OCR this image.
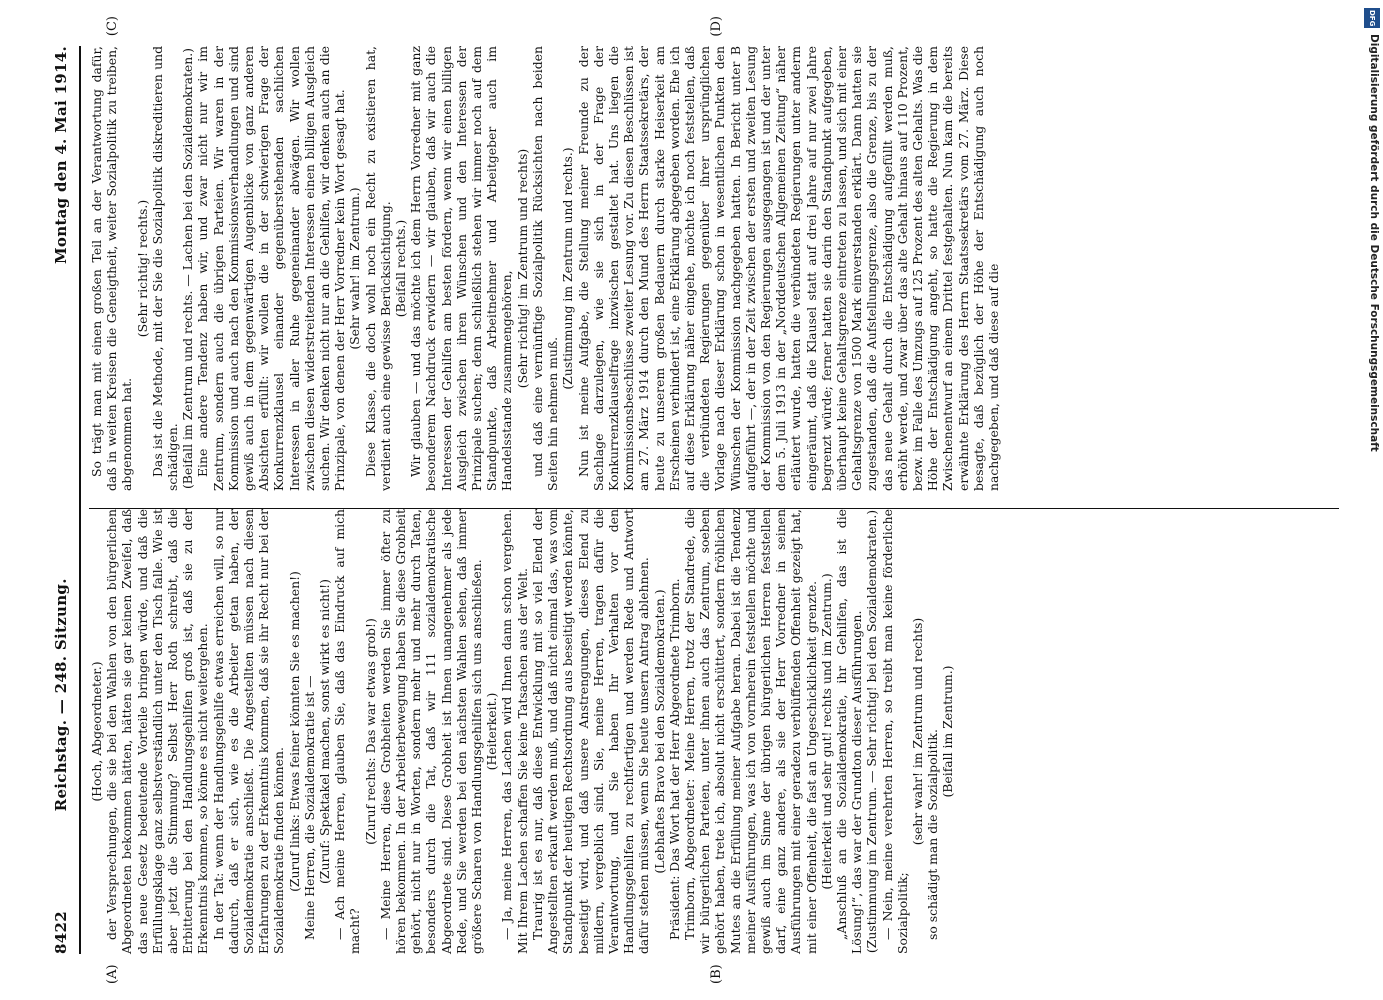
DFG
Digitalisierung gefördert durch die Deutsche Forschungsgemeinschaft
8422
Reichstag. — 248. Sitzung.
Montag den 4. Mai 1914.
(A)	(B)

(Hoch, Abgeordneter.) der Versprechungen, die sie bei den Wahlen von den bürgerlichen Abgeordneten bekommen hätten, hätten sie gar keinen Zweifel, daß das neue Gesetz bedeutende Vorteile bringen würde, und daß die Erfüllungsklage ganz selbstverständlich unter den Tisch falle. Wie ist aber jetzt die Stimmung? Selbst Herr Roth schreibt, daß die Erbitterung bei den Handlungsgehilfen groß ist, daß sie zu der Erkenntnis kommen, so könne es nicht weitergehen. In der Tat: wenn der Handlungsgehilfe etwas erreichen will, so nur dadurch, daß er sich, wie es die Arbeiter getan haben, der Sozialdemokratie anschließt. Die Angestellten müssen nach diesen Erfahrungen zu der Erkenntnis kommen, daß sie ihr Recht nur bei der Sozialdemokratie finden können. (Zuruf links: Etwas feiner könnten Sie es machen!) Meine Herren, die Sozialdemokratie ist — (Zuruf: Spektakel machen, sonst wirkt es nicht!) — Ach meine Herren, glauben Sie, daß das Eindruck auf mich macht?

(Zuruf rechts: Das war etwas grob!) — Meine Herren, diese Grobheiten werden Sie immer öfter zu hören bekommen. In der Arbeiterbewegung haben Sie diese Grobheit gehört, nicht nur in Worten, sondern mehr und mehr durch Taten, besonders durch die Tat, daß wir 111 sozialdemokratische Abgeordnete sind. Diese Grobheit ist Ihnen unangenehmer als jede Rede, und Sie werden bei den nächsten Wahlen sehen, daß immer größere Scharen von Handlungsgehilfen sich uns anschließen. (Heiterkeit.) — Ja, meine Herren, das Lachen wird Ihnen dann schon vergehen. Mit Ihrem Lachen schaffen Sie keine Tatsachen aus der Welt. Traurig ist es nur, daß diese Entwicklung mit so viel Elend der Angestellten erkauft werden muß, und daß nicht einmal das, was vom Standpunkt der heutigen Rechtsordnung aus beseitigt werden könnte, beseitigt wird, und daß unsere Anstrengungen, dieses Elend zu mildern, vergeblich sind. Sie, meine Herren, tragen dafür die Verantwortung, und Sie haben Ihr Verhalten vor den Handlungsgehilfen zu rechtfertigen und werden Rede und Antwort dafür stehen müssen, wenn Sie heute unsern Antrag ablehnen. (Lebhaftes Bravo bei den Sozialdemokraten.) Präsident: Das Wort hat der Herr Abgeordnete Trimborn. Trimborn, Abgeordneter: Meine Herren, trotz der Standrede, die wir bürgerlichen Parteien, unter ihnen auch das Zentrum, soeben gehört haben, trete ich, absolut nicht erschüttert, sondern fröhlichen Mutes an die Erfüllung meiner Aufgabe heran. Dabei ist die Tendenz meiner Ausführungen, was ich von vornherein feststellen möchte und gewiß auch im Sinne der übrigen bürgerlichen Herren feststellen darf, eine ganz andere, als sie der Herr Vorredner in seinen Ausführungen mit einer geradezu verblüffenden Offenheit gezeigt hat, mit einer Offenheit, die fast an Ungeschicklichkeit grenzte. (Heiterkeit und sehr gut! rechts und im Zentrum.) „Anschluß an die Sozialdemokratie, ihr Gehilfen, das ist die Lösung!“, das war der Grundton dieser Ausführungen. (Zustimmung im Zentrum. — Sehr richtig! bei den Sozialdemokraten.) — Nein, meine verehrten Herren, so treibt man keine förderliche Sozialpolitik;

(sehr wahr! im Zentrum und rechts) so schädigt man die Sozialpolitik. (Beifall im Zentrum.)

(C)	(D)

So trägt man mit einen großen Teil an der Verantwortung dafür, daß in weiten Kreisen die Geneigtheit, weiter Sozialpolitik zu treiben, abgenommen hat.

(Sehr richtig! rechts.) Das ist die Methode, mit der Sie die Sozialpolitik diskreditieren und schädigen. (Beifall im Zentrum und rechts. — Lachen bei den Sozialdemokraten.) Eine andere Tendenz haben wir, und zwar nicht nur wir im Zentrum, sondern auch die übrigen Parteien. Wir waren in der Kommission und auch nach den Kommissionsverhandlungen und sind gewiß auch in dem gegenwärtigen Augenblicke von ganz anderen Absichten erfüllt: wir wollen die in der schwierigen Frage der Konkurrenzklausel einander gegenüberstehenden sachlichen Interessen in aller Ruhe gegeneinander abwägen. Wir wollen zwischen diesen widerstreitenden Interessen einen billigen Ausgleich suchen. Wir denken nicht nur an die Gehilfen, wir denken auch an die Prinzipale, von denen der Herr Vorredner kein Wort gesagt hat. (Sehr wahr! im Zentrum.) Diese Klasse, die doch wohl noch ein Recht zu existieren hat, verdient auch eine gewisse Berücksichtigung. (Beifall rechts.) Wir glauben — und das möchte ich dem Herrn Vorredner mit ganz besonderem Nachdruck erwidern — wir glauben, daß wir auch die Interessen der Gehilfen am besten fördern, wenn wir einen billigen Ausgleich zwischen ihren Wünschen und den Interessen der Prinzipale suchen; denn schließlich stehen wir immer noch auf dem Standpunkte, daß Arbeitnehmer und Arbeitgeber auch im Handelsstande zusammengehören, (Sehr richtig! im Zentrum und rechts) und daß eine vernünftige Sozialpolitik Rücksichten nach beiden Seiten hin nehmen muß.

(Zustimmung im Zentrum und rechts.) Nun ist meine Aufgabe, die Stellung meiner Freunde zu der Sachlage darzulegen, wie sie sich in der Frage der Konkurrenzklauselfrage inzwischen gestaltet hat. Uns liegen die Kommissionsbeschlüsse zweiter Lesung vor. Zu diesen Beschlüssen ist am 27. März 1914 durch den Mund des Herrn Staatssekretärs, der heute zu unserem großen Bedauern durch starke Heiserkeit am Erscheinen verhindert ist, eine Erklärung abgegeben worden. Ehe ich auf diese Erklärung näher eingehe, möchte ich noch feststellen, daß die verbündeten Regierungen gegenüber ihrer ursprünglichen Vorlage nach dieser Erklärung schon in wesentlichen Punkten den Wünschen der Kommission nachgegeben hatten. In Bericht unter B aufgeführt —, der in der Zeit zwischen der ersten und zweiten Lesung der Kommission von den Regierungen ausgegangen ist und der unter dem 5. Juli 1913 in der „Norddeutschen Allgemeinen Zeitung“ näher erläutert wurde, hatten die verbündeten Regierungen unter anderm eingeräumt, daß die Klausel statt auf drei Jahre auf nur zwei Jahre begrenzt würde; ferner hatten sie darin den Standpunkt aufgegeben, überhaupt keine Gehaltsgrenze eintreten zu lassen, und sich mit einer Gehaltsgrenze von 1500 Mark einverstanden erklärt. Dann hatten sie zugestanden, daß die Aufstellungsgrenze, also die Grenze, bis zu der das neue Gehalt durch die Entschädigung aufgefüllt werden muß, erhöht werde, und zwar über das alte Gehalt hinaus auf 110 Prozent, bezw. im Falle des Umzugs auf 125 Prozent des alten Gehalts. Was die Höhe der Entschädigung angeht, so hatte die Regierung in dem Zwischenentwurf an einem Drittel festgehalten. Nun kam die bereits erwähnte Erklärung des Herrn Staatssekretärs vom 27. März. Diese besagte, daß bezüglich der Höhe der Entschädigung auch noch nachgegeben, und daß diese auf die
